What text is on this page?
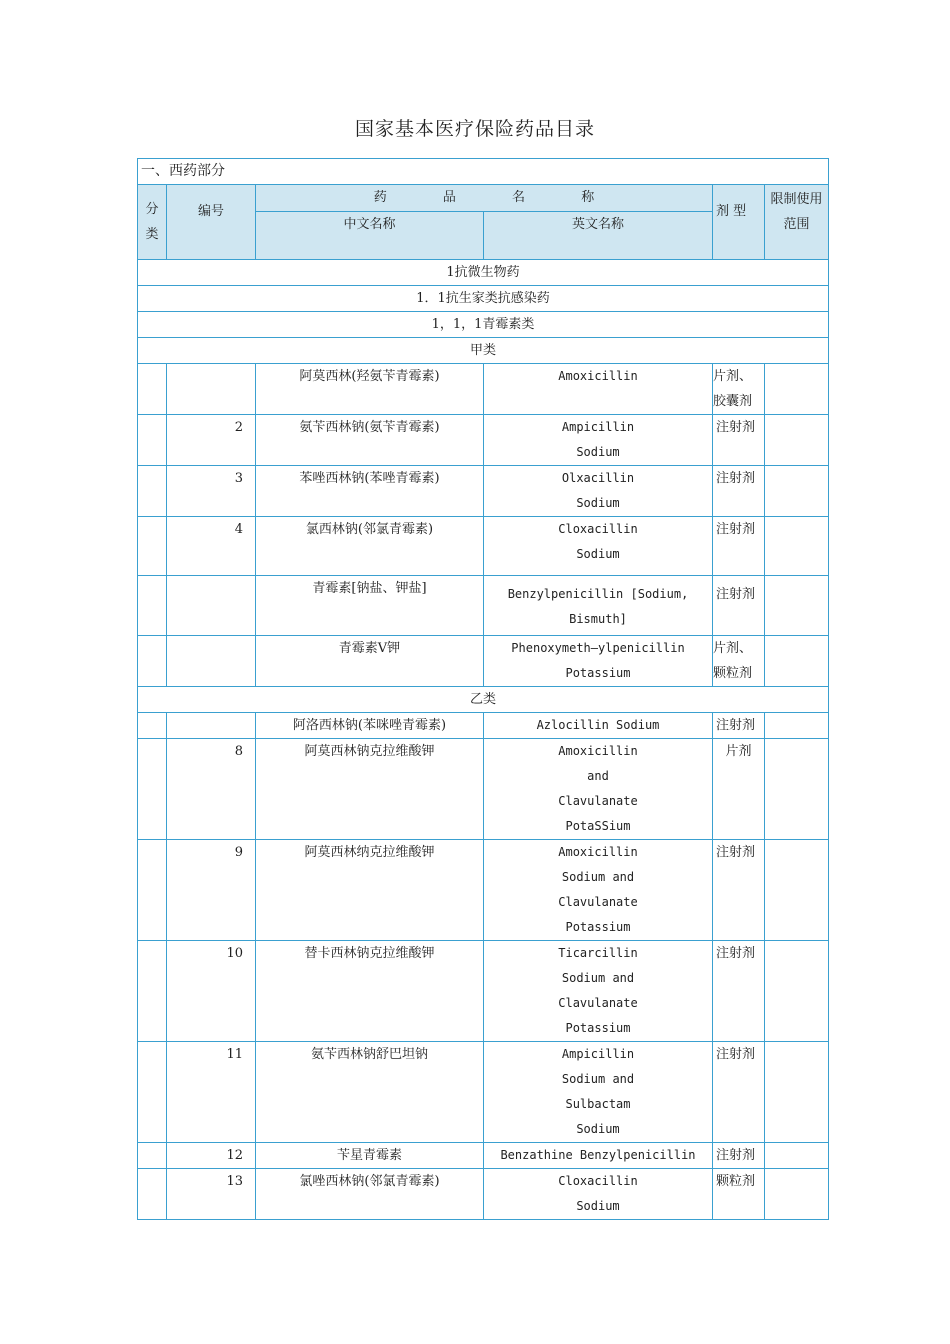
国家基本医疗保险药品目录
一、西药部分					

分类	编号	药 品 名 称		剂 型	限制使用范围
		中文名称	英文名称		
1抗微生物药					
1．1抗生家类抗感染药					
1，1，1青霉素类					
甲类					
		阿莫西林(羟氨苄青霉素)	Amoxicillin	片剂、胶囊剂	
	2	氨苄西林钠(氨苄青霉素)	Ampicillin Sodium	注射剂	
	3	苯唑西林钠(苯唑青霉素)	Olxacillin Sodium	注射剂	
	4	氯西林钠(邻氯青霉素)	Cloxacillin Sodium	注射剂	
		青霉素[钠盐、钾盐]	Benzylpenicillin [Sodium, Bismuth]	注射剂	
		青霉素V钾	Phenoxymeth—ylpenicillin Potassium	片剂、颗粒剂	
乙类					
		阿洛西林钠(苯咪唑青霉素)	Azlocillin Sodium	注射剂	
	8	阿莫西林钠克拉维酸钾	Amoxicillin and Clavulanate PotaSSium	片剂	
	9	阿莫西林纳克拉维酸钾	Amoxicillin Sodium and Clavulanate Potassium	注射剂	
	10	替卡西林钠克拉维酸钾	Ticarcillin Sodium and Clavulanate Potassium	注射剂	
	11	氨苄西林钠舒巴坦钠	Ampicillin Sodium and Sulbactam Sodium	注射剂	
	12	苄星青霉素	Benzathine Benzylpenicillin	注射剂	
	13	氯唑西林钠(邻氯青霉素)	Cloxacillin Sodium	颗粒剂	
